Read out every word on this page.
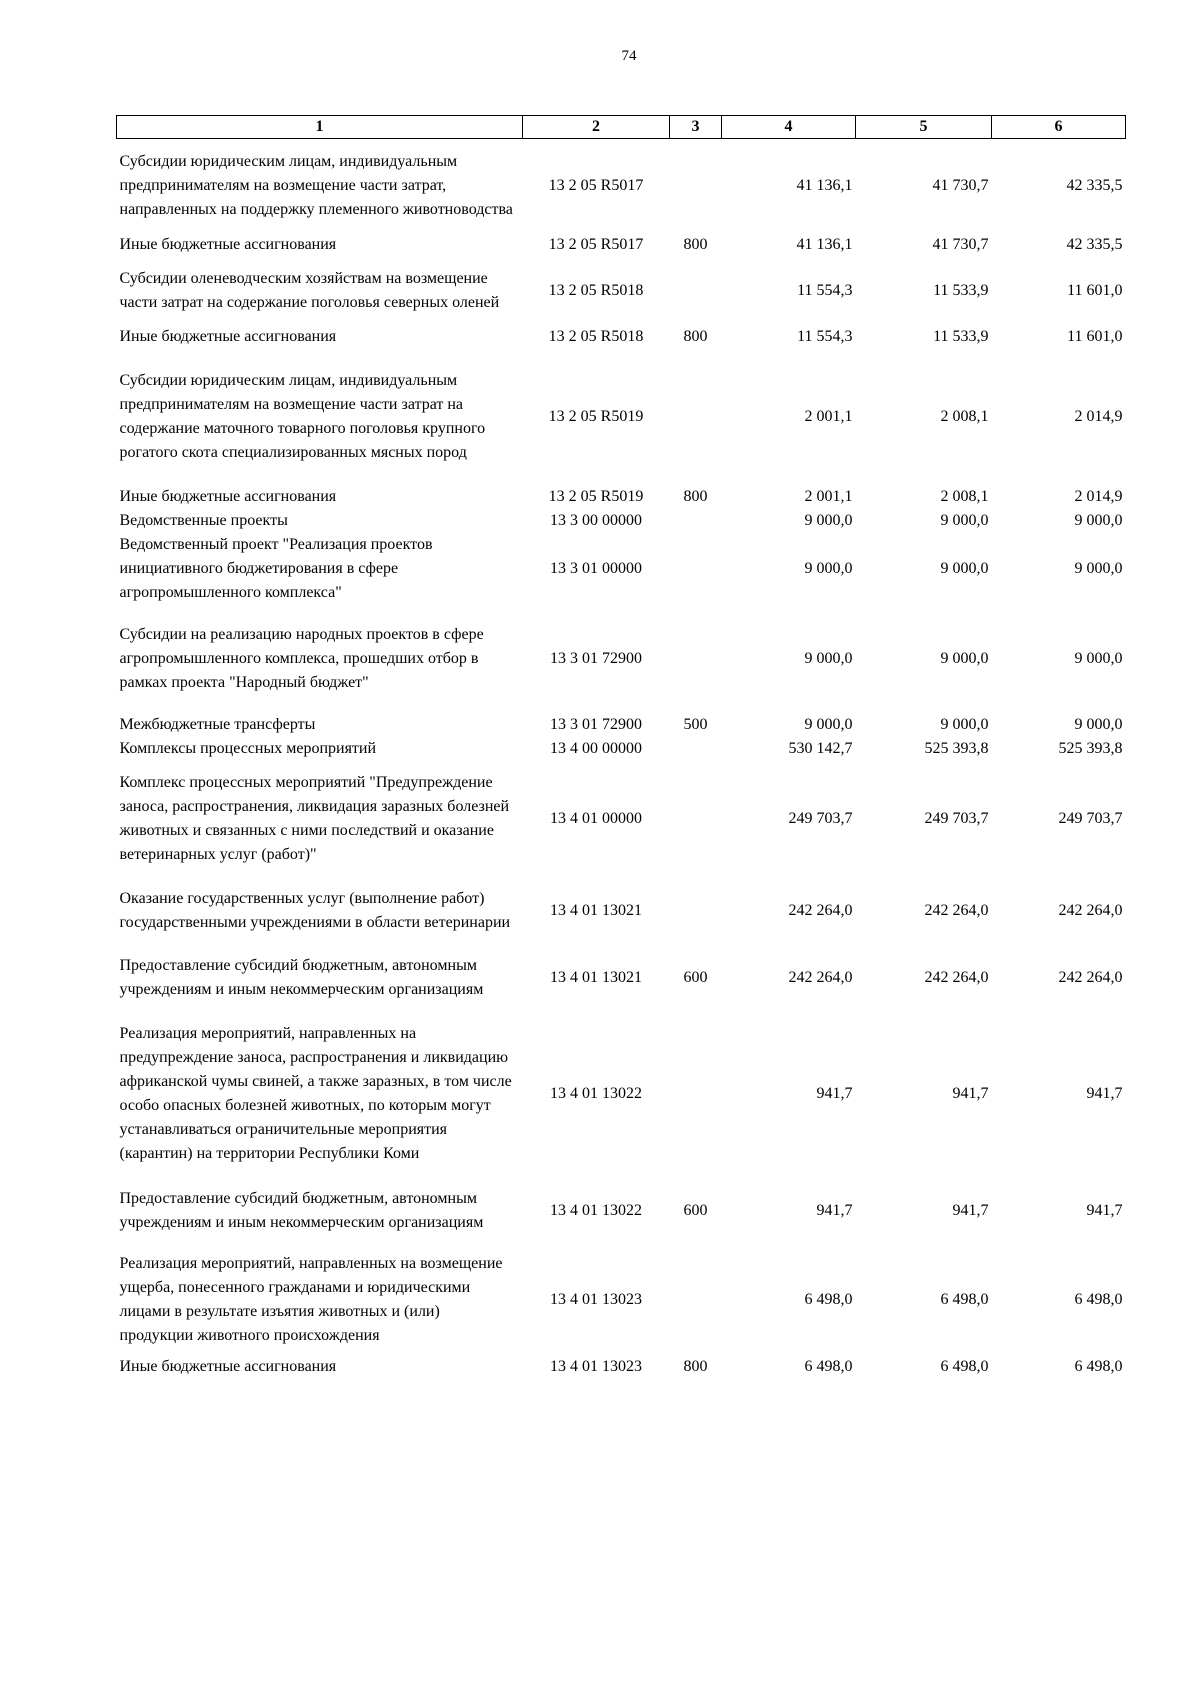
74
1	2	3	4	5	6
Субсидии юридическим лицам, индивидуальным предпринимателям на возмещение части затрат, направленных на поддержку племенного животноводства	13 2 05 R5017		41 136,1	41 730,7	42 335,5
Иные бюджетные ассигнования	13 2 05 R5017	800	41 136,1	41 730,7	42 335,5
Субсидии оленеводческим хозяйствам на возмещение части затрат на содержание поголовья северных оленей	13 2 05 R5018		11 554,3	11 533,9	11 601,0
Иные бюджетные ассигнования	13 2 05 R5018	800	11 554,3	11 533,9	11 601,0
Субсидии юридическим лицам, индивидуальным предпринимателям на возмещение части затрат на содержание маточного товарного поголовья крупного рогатого скота специализированных мясных пород	13 2 05 R5019		2 001,1	2 008,1	2 014,9
Иные бюджетные ассигнования	13 2 05 R5019	800	2 001,1	2 008,1	2 014,9
Ведомственные проекты	13 3 00 00000		9 000,0	9 000,0	9 000,0
Ведомственный проект "Реализация проектов инициативного бюджетирования в сфере агропромышленного комплекса"	13 3 01 00000		9 000,0	9 000,0	9 000,0
Субсидии на реализацию народных проектов в сфере агропромышленного комплекса, прошедших отбор в рамках проекта "Народный бюджет"	13 3 01 72900		9 000,0	9 000,0	9 000,0
Межбюджетные трансферты	13 3 01 72900	500	9 000,0	9 000,0	9 000,0
Комплексы процессных мероприятий	13 4 00 00000		530 142,7	525 393,8	525 393,8
Комплекс процессных мероприятий "Предупреждение заноса, распространения, ликвидация заразных болезней животных и связанных с ними последствий и оказание ветеринарных услуг (работ)"	13 4 01 00000		249 703,7	249 703,7	249 703,7
Оказание государственных услуг (выполнение работ) государственными учреждениями в области ветеринарии	13 4 01 13021		242 264,0	242 264,0	242 264,0
Предоставление субсидий бюджетным, автономным учреждениям и иным некоммерческим организациям	13 4 01 13021	600	242 264,0	242 264,0	242 264,0
Реализация мероприятий, направленных на предупреждение заноса, распространения и ликвидацию африканской чумы свиней, а также заразных, в том числе особо опасных болезней животных, по которым могут устанавливаться ограничительные мероприятия (карантин) на территории Республики Коми	13 4 01 13022		941,7	941,7	941,7
Предоставление субсидий бюджетным, автономным учреждениям и иным некоммерческим организациям	13 4 01 13022	600	941,7	941,7	941,7
Реализация мероприятий, направленных на возмещение ущерба, понесенного гражданами и юридическими лицами в результате изъятия животных и (или) продукции животного происхождения	13 4 01 13023		6 498,0	6 498,0	6 498,0
Иные бюджетные ассигнования	13 4 01 13023	800	6 498,0	6 498,0	6 498,0
